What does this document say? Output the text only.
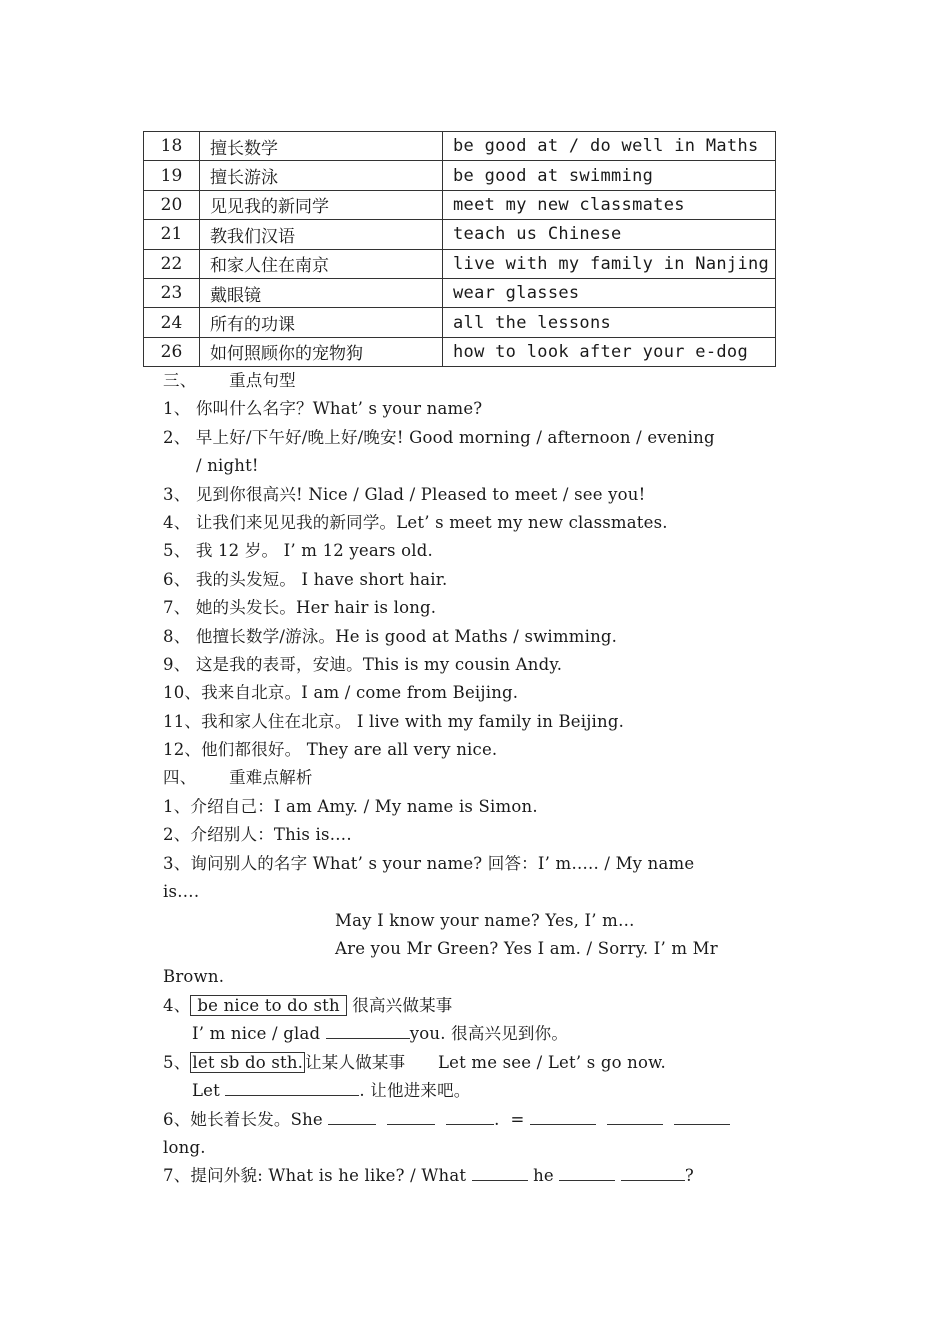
18	擅长数学	be good at / do well in Maths
19	擅长游泳	be good at swimming
20	见见我的新同学	meet my new classmates
21	教我们汉语	teach us Chinese
22	和家人住在南京	live with my family in Nanjing
23	戴眼镜	wear glasses
24	所有的功课	all the lessons
26	如何照顾你的宠物狗	how to look after your e-dog
三、 重点句型
1、 你叫什么名字？What’ s your name?
2、 早上好/下午好/晚上好/晚安! Good morning / afternoon / evening
/ night!
3、 见到你很高兴! Nice / Glad / Pleased to meet / see you!
4、 让我们来见见我的新同学。Let’ s meet my new classmates.
5、 我 12 岁。 I’ m 12 years old.
6、 我的头发短。 I have short hair.
7、 她的头发长。Her hair is long.
8、 他擅长数学/游泳。He is good at Maths / swimming.
9、 这是我的表哥，安迪。This is my cousin Andy.
10、我来自北京。I am / come from Beijing.
11、我和家人住在北京。 I live with my family in Beijing.
12、他们都很好。 They are all very nice.
四、 重难点解析
1、介绍自己：I am Amy. / My name is Simon.
2、介绍别人：This is….
3、询问别人的名字 What’ s your name? 回答：I’ m….. / My name
is….
May I know your name? Yes, I’ m…
Are you Mr Green? Yes I am. / Sorry. I’ m Mr
Brown.
4、 be nice to do sth 很高兴做某事
I’ m nice / glad	you. 很高兴见到你。
5、 let sb do sth. 让某人做某事 Let me see / Let’ s go now.
Let	. 让他进来吧。
6、她长着长发。She	.  =
long.
7、提问外貌: What is he like? / What	he	?
